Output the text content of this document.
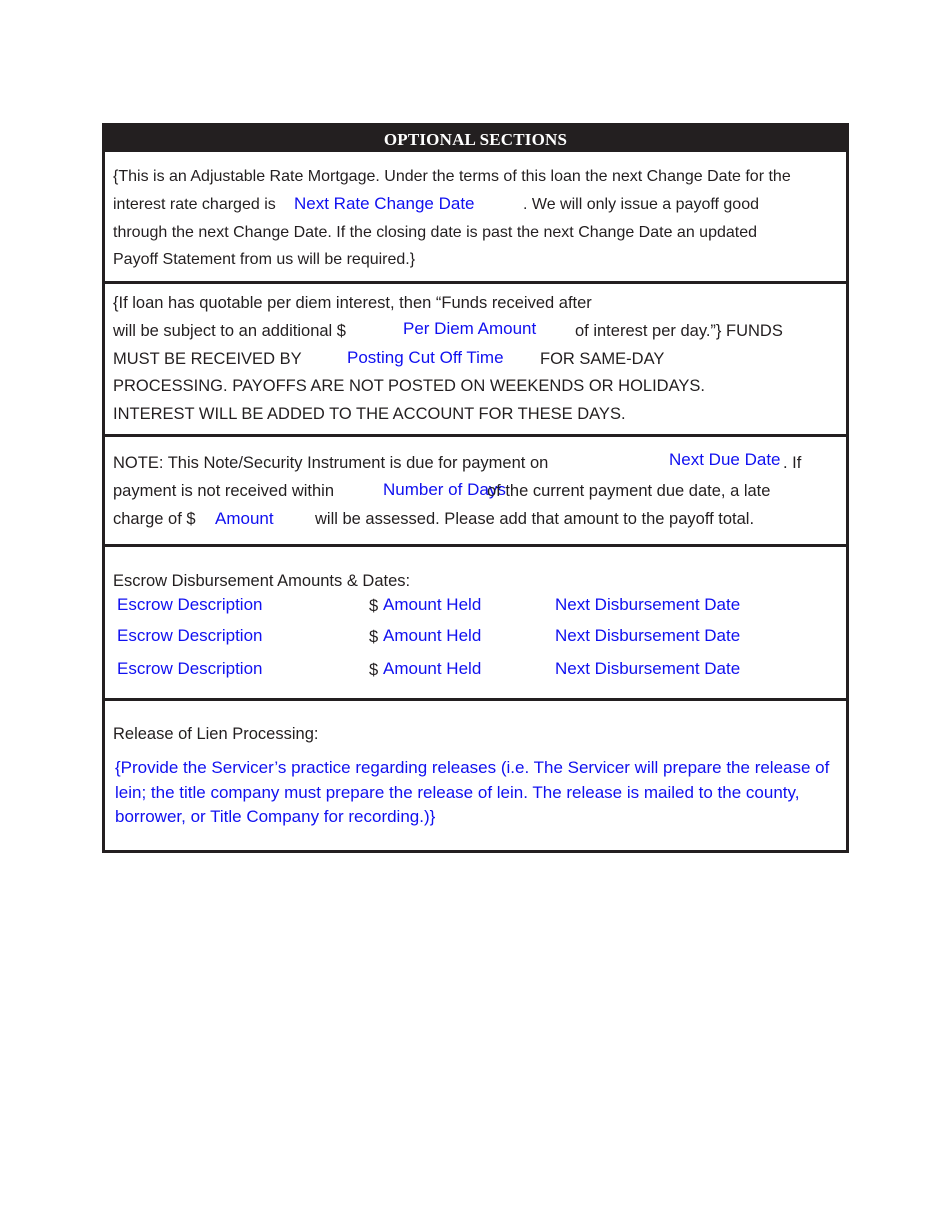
OPTIONAL SECTIONS
{This is an Adjustable Rate Mortgage. Under the terms of this loan the next Change Date for the
interest rate charged is Next Rate Change Date	. We will only issue a payoff good
through the next Change Date. If the closing date is past the next Change Date an updated
Payoff Statement from us will be required.}
{If loan has quotable per diem interest, then “Funds received after
will be subject to an additional $	Per Diem Amount of interest per day.”} FUNDS
MUST BE RECEIVED BY	Posting Cut Off Time FOR SAME-DAY
PROCESSING. PAYOFFS ARE NOT POSTED ON WEEKENDS OR HOLIDAYS.
INTEREST WILL BE ADDED TO THE ACCOUNT FOR THESE DAYS.
NOTE: This Note/Security Instrument is due for payment on	Next Due Date . If
payment is not received within	Number of Days
of the current payment due date, a late
charge of $ Amount	will be assessed. Please add that amount to the payoff total.
Escrow Disbursement Amounts & Dates:
Escrow Description	$ Amount Held	Next Disbursement Date
Escrow Description	$ Amount Held	Next Disbursement Date
Escrow Description	$ Amount Held	Next Disbursement Date
Release of Lien Processing:
{Provide the Servicer’s practice regarding releases (i.e. The Servicer will prepare the release of lein; the title company must prepare the release of lein. The release is mailed to the county, borrower, or Title Company for recording.)}
